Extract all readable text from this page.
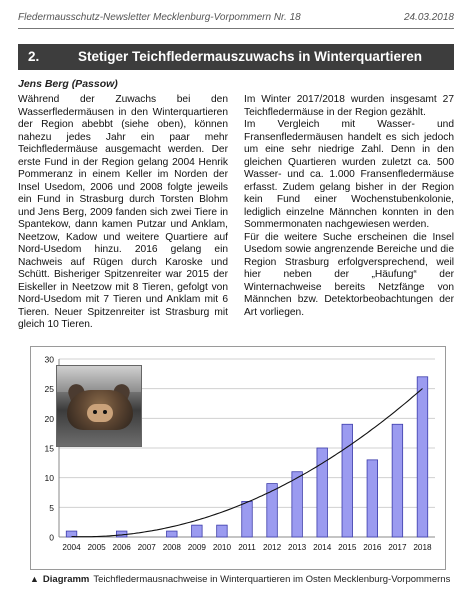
Fledermausschutz-Newsletter Mecklenburg-Vorpommern Nr. 18	24.03.2018
2.	Stetiger Teichfledermauszuwachs in Winterquartieren
Jens Berg (Passow)

Während der Zuwachs bei den Wasserfledermäusen in den Winterquartieren der Region abebbt (siehe oben), können nahezu jedes Jahr ein paar mehr Teichfledermäuse ausgemacht werden. Der erste Fund in der Region gelang 2004 Henrik Pommeranz in einem Keller im Norden der Insel Usedom, 2006 und 2008 folgte jeweils ein Fund in Strasburg durch Torsten Blohm und Jens Berg, 2009 fanden sich zwei Tiere in Spantekow, dann kamen Putzar und Anklam, Neetzow, Kadow und weitere Quartiere auf Nord-Usedom hinzu. 2016 gelang ein Nachweis auf Rügen durch Karoske und Schütt. Bisheriger Spitzenreiter war 2015 der Eiskeller in Neetzow mit 8 Tieren, gefolgt von Nord-Usedom mit 7 Tieren und Anklam mit 6 Tieren. Neuer Spitzenreiter ist Strasburg mit gleich 10 Tieren.

Im Winter 2017/2018 wurden insgesamt 27 Teichfledermäuse in der Region gezählt.

Im Vergleich mit Wasser- und Fransenfledermäusen handelt es sich jedoch um eine sehr niedrige Zahl. Denn in den gleichen Quartieren wurden zuletzt ca. 500 Wasser- und ca. 1.000 Fransenfledermäuse erfasst. Zudem gelang bisher in der Region kein Fund einer Wochenstubenkolonie, lediglich einzelne Männchen konnten in den Sommermonaten nachgewiesen werden.

Für die weitere Suche erscheinen die Insel Usedom sowie angrenzende Bereiche und die Region Strasburg erfolgversprechend, weil hier neben der „Häufung“ der Winternachweise bereits Netzfänge von Männchen bzw. Detektorbeobachtungen der Art vorliegen.

0
5
10
15
20
25
30
2004 2005 2006 2007 2008 2009 2010 2011 2012 2013 2014 2015 2016 2017 2018
▲ Diagramm Teichfledermausnachweise in Winterquartieren im Osten Mecklenburg-Vorpommerns
